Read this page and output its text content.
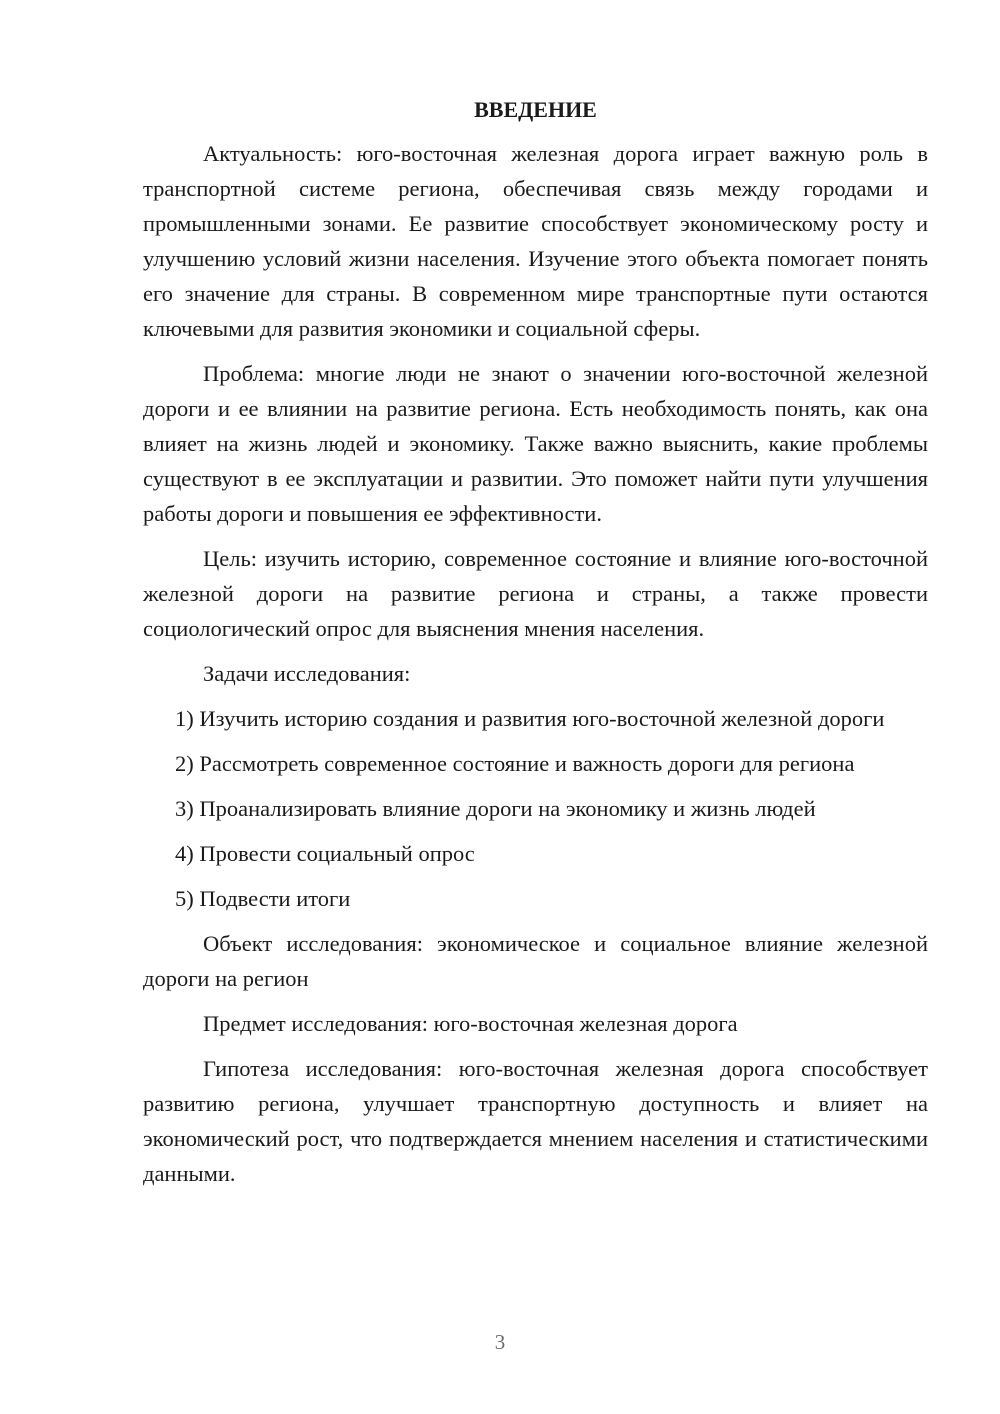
ВВЕДЕНИЕ

Актуальность: юго-восточная железная дорога играет важную роль в транспортной системе региона, обеспечивая связь между городами и промышленными зонами. Ее развитие способствует экономическому росту и улучшению условий жизни населения. Изучение этого объекта помогает понять его значение для страны. В современном мире транспортные пути остаются ключевыми для развития экономики и социальной сферы.

Проблема: многие люди не знают о значении юго-восточной железной дороги и ее влиянии на развитие региона. Есть необходимость понять, как она влияет на жизнь людей и экономику. Также важно выяснить, какие проблемы существуют в ее эксплуатации и развитии. Это поможет найти пути улучшения работы дороги и повышения ее эффективности.

Цель: изучить историю, современное состояние и влияние юго-восточной железной дороги на развитие региона и страны, а также провести социологический опрос для выяснения мнения населения.

Задачи исследования:

1) Изучить историю создания и развития юго-восточной железной дороги

2) Рассмотреть современное состояние и важность дороги для региона

3) Проанализировать влияние дороги на экономику и жизнь людей

4) Провести социальный опрос

5) Подвести итоги

Объект исследования: экономическое и социальное влияние железной дороги на регион

Предмет исследования: юго-восточная железная дорога

Гипотеза исследования: юго-восточная железная дорога способствует развитию региона, улучшает транспортную доступность и влияет на экономический рост, что подтверждается мнением населения и статистическими данными.

3
